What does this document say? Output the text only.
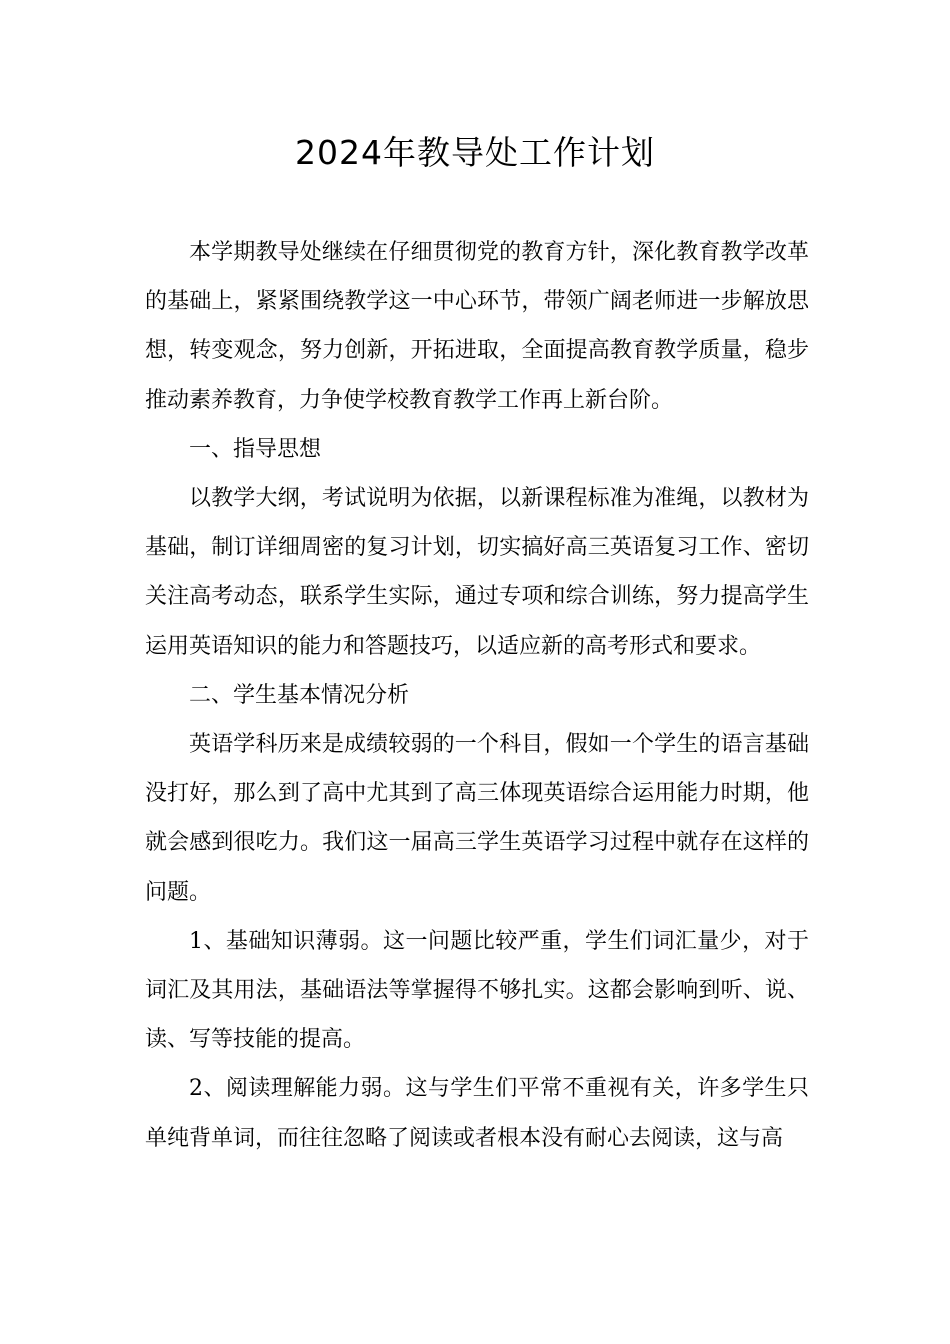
2024年教导处工作计划

本学期教导处继续在仔细贯彻党的教育方针，深化教育教学改革的基础上，紧紧围绕教学这一中心环节，带领广阔老师进一步解放思想，转变观念，努力创新，开拓进取，全面提高教育教学质量，稳步推动素养教育，力争使学校教育教学工作再上新台阶。

一、指导思想

以教学大纲，考试说明为依据，以新课程标准为准绳，以教材为基础，制订详细周密的复习计划，切实搞好高三英语复习工作、密切关注高考动态，联系学生实际，通过专项和综合训练，努力提高学生运用英语知识的能力和答题技巧，以适应新的高考形式和要求。

二、学生基本情况分析

英语学科历来是成绩较弱的一个科目，假如一个学生的语言基础没打好，那么到了高中尤其到了高三体现英语综合运用能力时期，他就会感到很吃力。我们这一届高三学生英语学习过程中就存在这样的问题。

1、基础知识薄弱。这一问题比较严重，学生们词汇量少，对于词汇及其用法，基础语法等掌握得不够扎实。这都会影响到听、说、读、写等技能的提高。

2、阅读理解能力弱。这与学生们平常不重视有关，许多学生只单纯背单词，而往往忽略了阅读或者根本没有耐心去阅读，这与高
